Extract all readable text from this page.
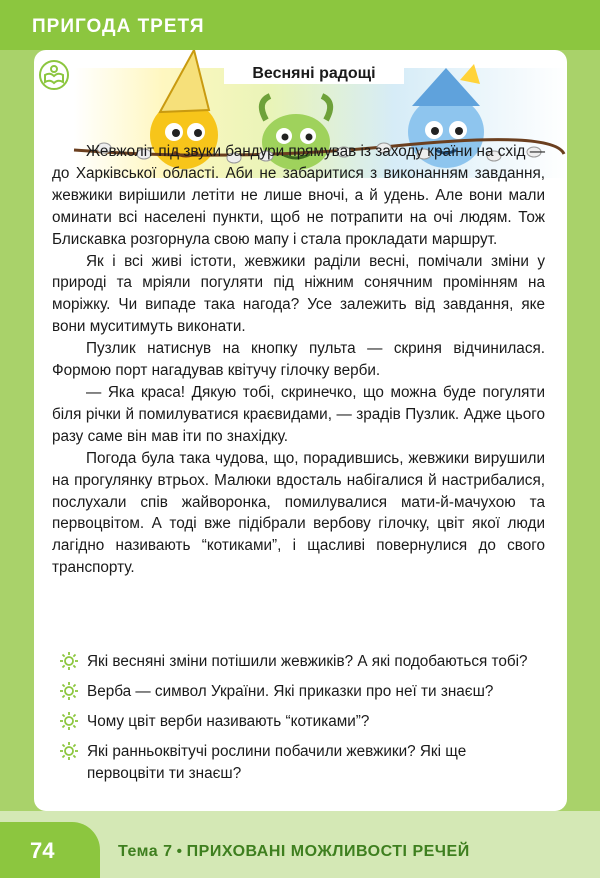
ПРИГОДА ТРЕТЯ
Весняні радощі

Жевжоліт під звуки бандури прямував із заходу країни на схід — до Харківської області. Аби не забаритися з виконанням завдання, жевжики вирішили летіти не лише вночі, а й удень. Але вони мали оминати всі населені пункти, щоб не потрапити на очі людям. Тож Блискавка розгорнула свою мапу і стала прокладати маршрут.

Як і всі живі істоти, жевжики раділи весні, помічали зміни у природі та мріяли погуляти під ніжним сонячним промінням на моріжку. Чи випаде така нагода? Усе залежить від завдання, яке вони муситимуть виконати.

Пузлик натиснув на кнопку пульта — скриня відчинилася. Формою порт нагадував квітучу гілочку верби.

— Яка краса! Дякую тобі, скринечко, що можна буде погуляти біля річки й помилуватися краєвидами, — зрадів Пузлик. Адже цього разу саме він мав іти по знахідку.

Погода була така чудова, що, порадившись, жевжики вирушили на прогулянку втрьох. Малюки вдосталь набігалися й настрибалися, послухали спів жайворонка, помилувалися мати-й-мачухою та первоцвітом. А тоді вже підібрали вербову гілочку, цвіт якої люди лагідно називають “котиками”, і щасливі повернулися до свого транспорту.

Які весняні зміни потішили жевжиків? А які подобаються тобі?
Верба — символ України. Які приказки про неї ти знаєш?
Чому цвіт верби називають “котиками”?
Які ранньоквітучі рослини побачили жевжики? Які ще первоцвіти ти знаєш?
74	Тема 7 • ПРИХОВАНІ МОЖЛИВОСТІ РЕЧЕЙ
